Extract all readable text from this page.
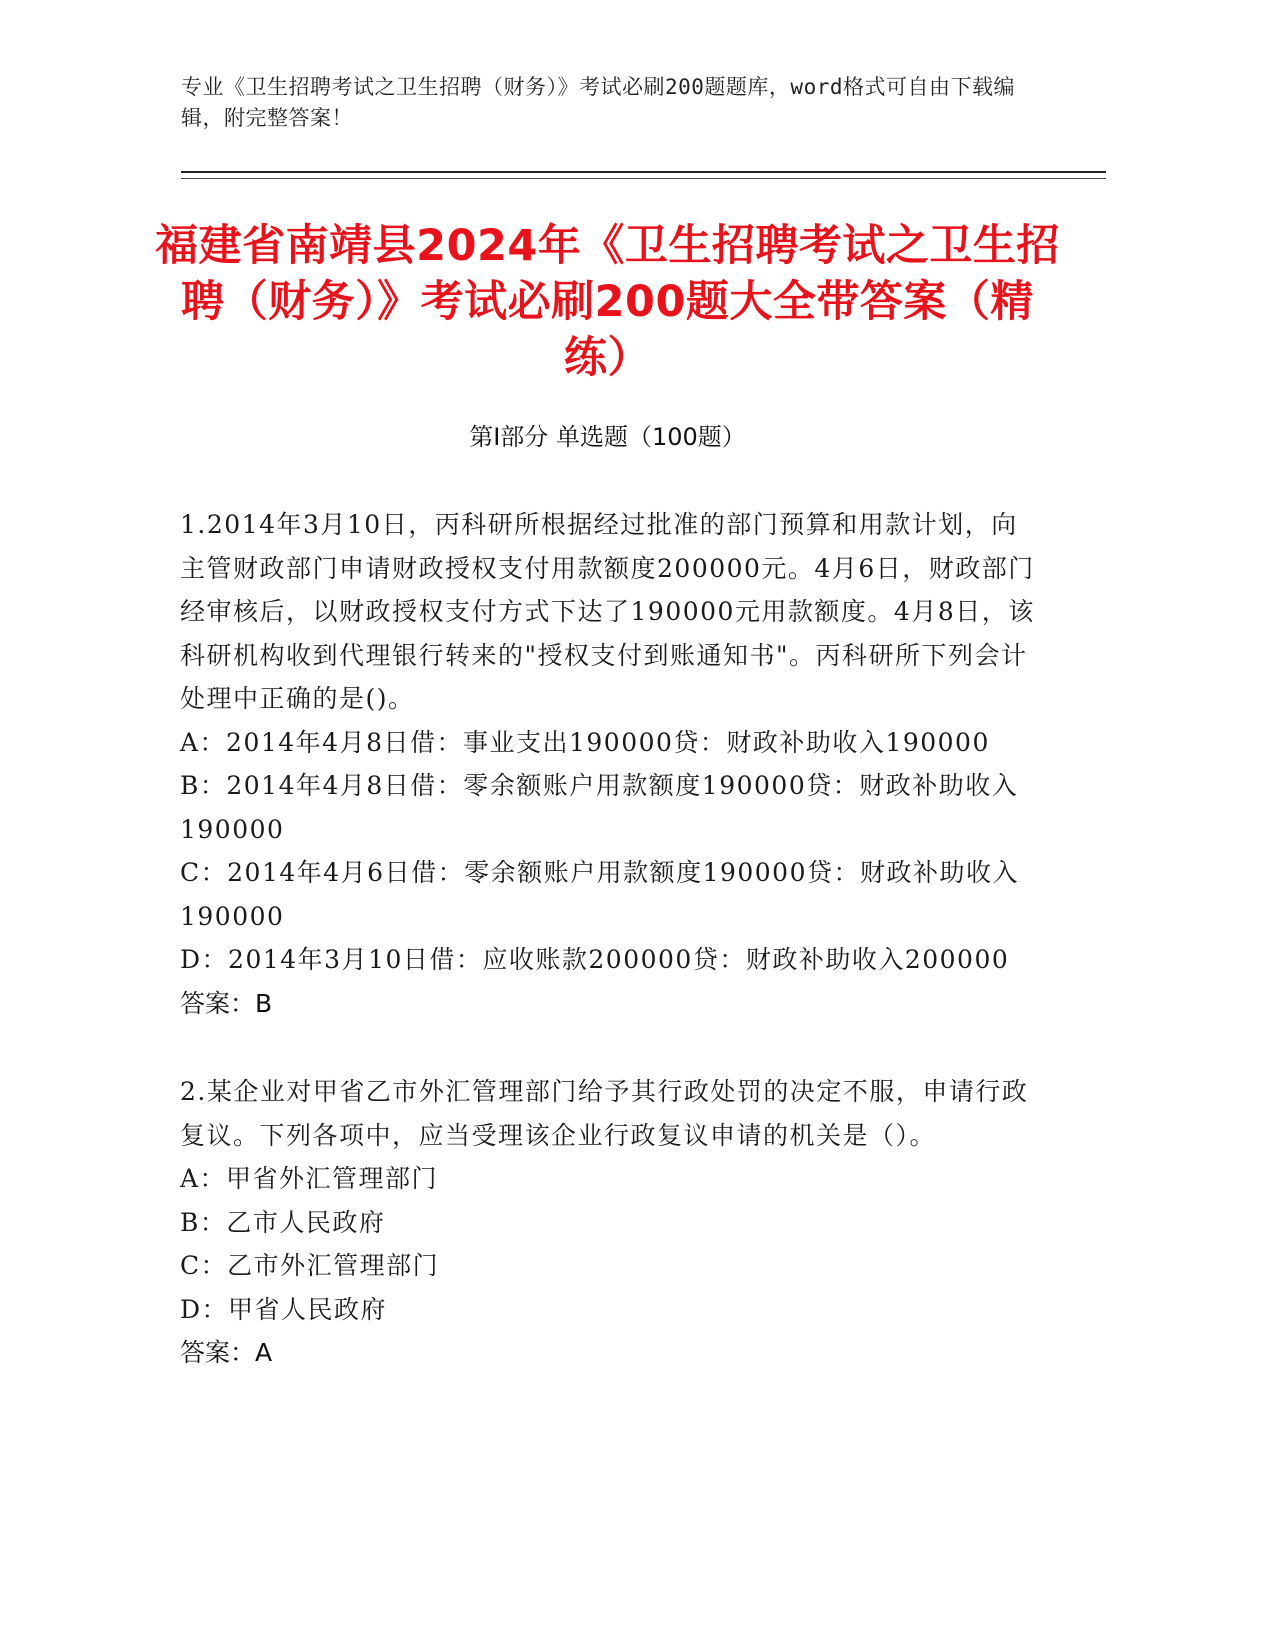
专业《卫生招聘考试之卫生招聘（财务）》考试必刷200题题库，word格式可自由下载编辑，附完整答案！
福建省南靖县2024年《卫生招聘考试之卫生招聘（财务）》考试必刷200题大全带答案（精练）
第Ⅰ部分 单选题（100题）

1.2014年3月10日，丙科研所根据经过批准的部门预算和用款计划，向主管财政部门申请财政授权支付用款额度200000元。4月6日，财政部门经审核后，以财政授权支付方式下达了190000元用款额度。4月8日，该科研机构收到代理银行转来的"授权支付到账通知书"。丙科研所下列会计处理中正确的是()。

A：2014年4月8日借：事业支出190000贷：财政补助收入190000

B：2014年4月8日借：零余额账户用款额度190000贷：财政补助收入190000

C：2014年4月6日借：零余额账户用款额度190000贷：财政补助收入190000

D：2014年3月10日借：应收账款200000贷：财政补助收入200000

答案：B

2.某企业对甲省乙市外汇管理部门给予其行政处罚的决定不服，申请行政复议。下列各项中，应当受理该企业行政复议申请的机关是（）。

A：甲省外汇管理部门

B：乙市人民政府

C：乙市外汇管理部门

D：甲省人民政府

答案：A
